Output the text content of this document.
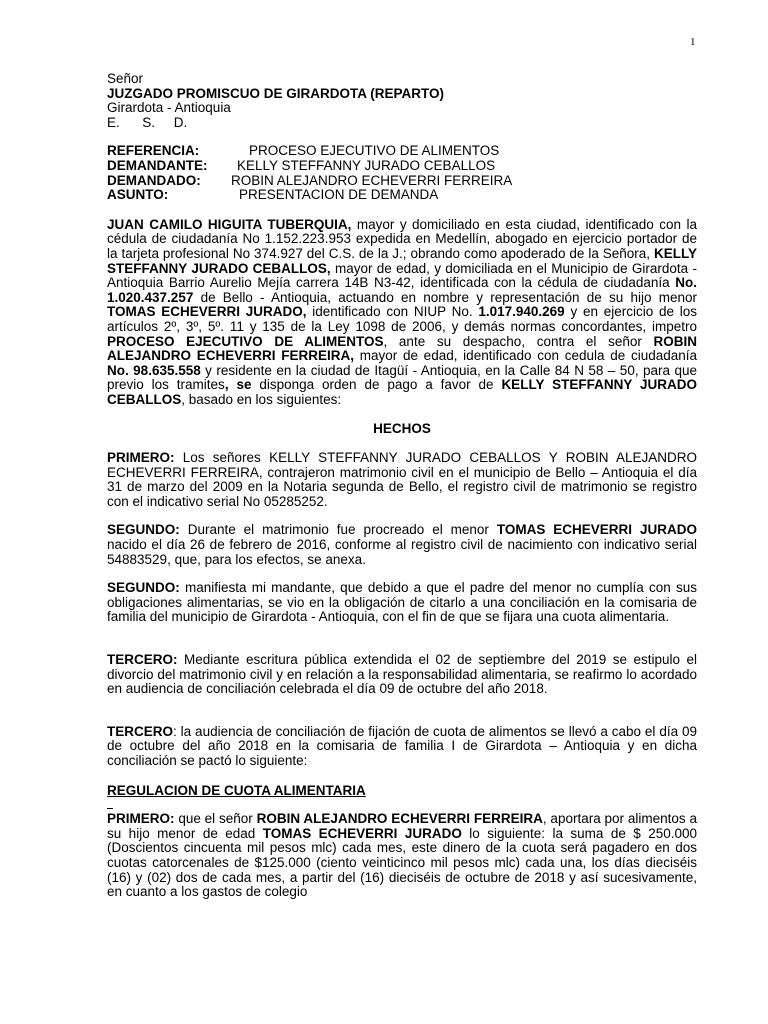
1
Señor
JUZGADO PROMISCUO DE GIRARDOTA (REPARTO)
Girardota - Antioquia
E.      S.     D.
REFERENCIA:	PROCESO EJECUTIVO DE ALIMENTOS
DEMANDANTE: KELLY STEFFANNY JURADO CEBALLOS
DEMANDADO: ROBIN ALEJANDRO ECHEVERRI FERREIRA
ASUNTO:	PRESENTACION DE DEMANDA

JUAN CAMILO HIGUITA TUBERQUIA, mayor y domiciliado en esta ciudad, identificado con la cédula de ciudadanía No 1.152.223.953 expedida en Medellín, abogado en ejercicio portador de la tarjeta profesional No 374.927 del C.S. de la J.; obrando como apoderado de la Señora, KELLY STEFFANNY JURADO CEBALLOS, mayor de edad, y domiciliada en el Municipio de Girardota - Antioquia Barrio Aurelio Mejía carrera 14B N3-42, identificada con la cédula de ciudadanía No. 1.020.437.257 de Bello - Antioquia, actuando en nombre y representación de su hijo menor TOMAS ECHEVERRI JURADO, identificado con NIUP No. 1.017.940.269 y en ejercicio de los artículos 2º, 3º, 5º. 11 y 135 de la Ley 1098 de 2006, y demás normas concordantes, impetro PROCESO EJECUTIVO DE ALIMENTOS, ante su despacho, contra el señor ROBIN ALEJANDRO ECHEVERRI FERREIRA, mayor de edad, identificado con cedula de ciudadanía No. 98.635.558 y residente en la ciudad de Itagüí - Antioquia, en la Calle 84 N 58 – 50, para que previo los tramites, se disponga orden de pago a favor de KELLY STEFFANNY JURADO CEBALLOS, basado en los siguientes:

HECHOS

PRIMERO: Los señores KELLY STEFFANNY JURADO CEBALLOS Y ROBIN ALEJANDRO ECHEVERRI FERREIRA, contrajeron matrimonio civil en el municipio de Bello – Antioquia el día 31 de marzo del 2009 en la Notaria segunda de Bello, el registro civil de matrimonio se registro con el indicativo serial No 05285252.

SEGUNDO: Durante el matrimonio fue procreado el menor TOMAS ECHEVERRI JURADO nacido el día 26 de febrero de 2016, conforme al registro civil de nacimiento con indicativo serial 54883529, que, para los efectos, se anexa.

SEGUNDO: manifiesta mi mandante, que debido a que el padre del menor no cumplía con sus obligaciones alimentarias, se vio en la obligación de citarlo a una conciliación en la comisaria de familia del municipio de Girardota - Antioquia, con el fin de que se fijara una cuota alimentaria.

TERCERO: Mediante escritura pública extendida el 02 de septiembre del 2019 se estipulo el divorcio del matrimonio civil y en relación a la responsabilidad alimentaria, se reafirmo lo acordado en audiencia de conciliación celebrada el día 09 de octubre del año 2018.

TERCERO: la audiencia de conciliación de fijación de cuota de alimentos se llevó a cabo el día 09 de octubre del año 2018 en la comisaria de familia I de Girardota – Antioquia y en dicha conciliación se pactó lo siguiente:

REGULACION DE CUOTA ALIMENTARIA

PRIMERO: que el señor ROBIN ALEJANDRO ECHEVERRI FERREIRA, aportara por alimentos a su hijo menor de edad TOMAS ECHEVERRI JURADO lo siguiente: la suma de $ 250.000 (Doscientos cincuenta mil pesos mlc) cada mes, este dinero de la cuota será pagadero en dos cuotas catorcenales de $125.000 (ciento veinticinco mil pesos mlc) cada una, los días dieciséis (16) y (02) dos de cada mes, a partir del (16) dieciséis de octubre de 2018 y así sucesivamente, en cuanto a los gastos de colegio
